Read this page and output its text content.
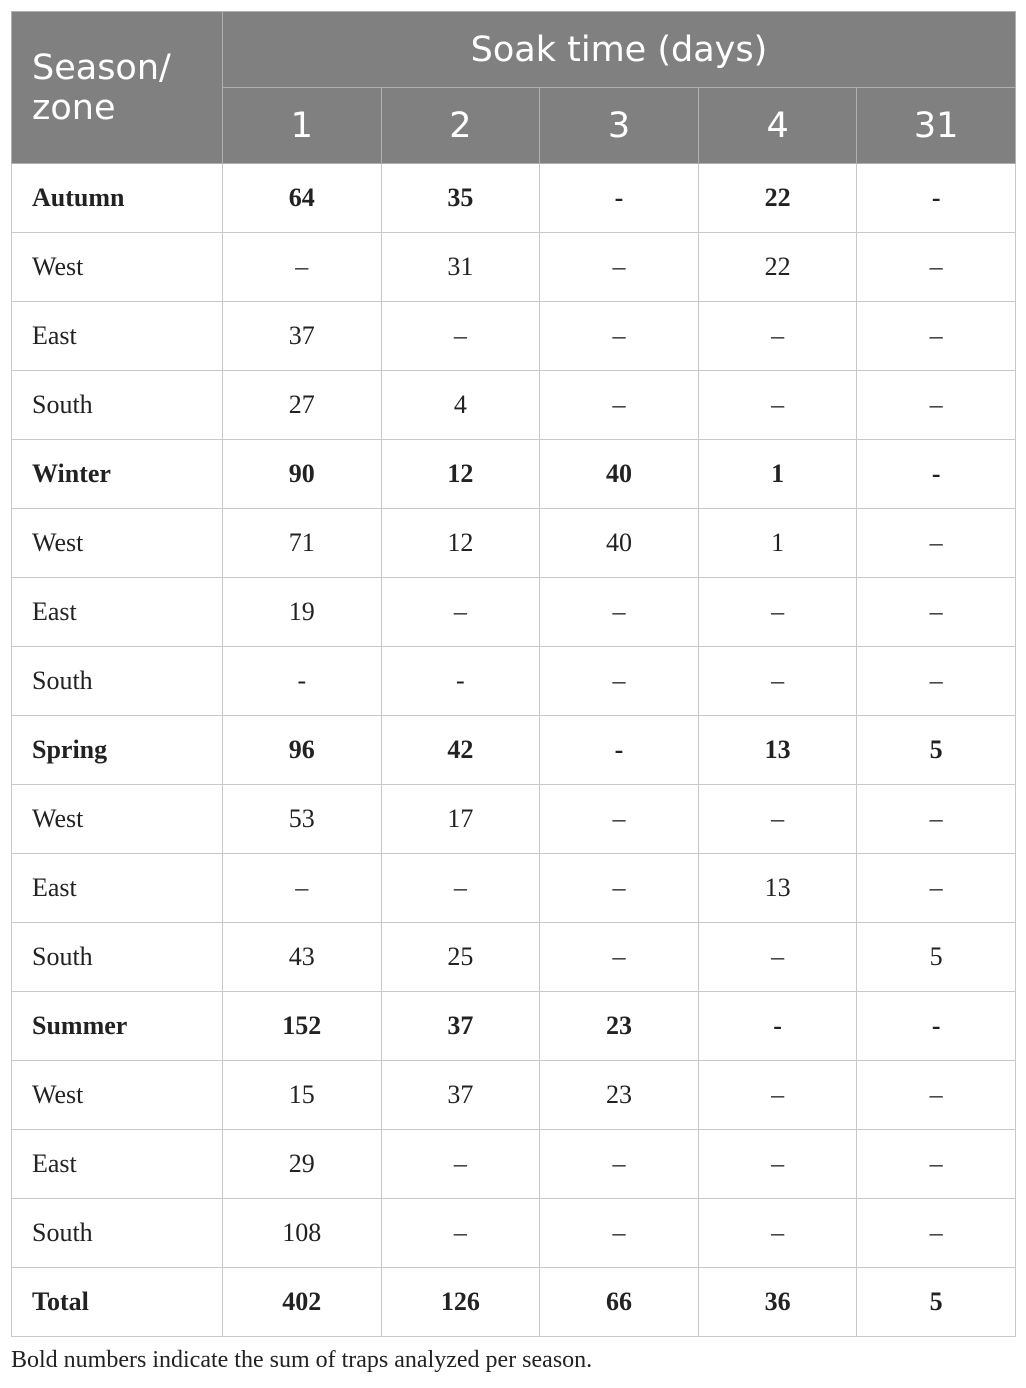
Season/
zone	Soak time (days)				
	1	2	3	4	31
Autumn	64	35	-	22	-
West	–	31	–	22	–
East	37	–	–	–	–
South	27	4	–	–	–
Winter	90	12	40	1	-
West	71	12	40	1	–
East	19	–	–	–	–
South	-	-	–	–	–
Spring	96	42	-	13	5
West	53	17	–	–	–
East	–	–	–	13	–
South	43	25	–	–	5
Summer	152	37	23	-	-
West	15	37	23	–	–
East	29	–	–	–	–
South	108	–	–	–	–
Total	402	126	66	36	5
Bold numbers indicate the sum of traps analyzed per season.
